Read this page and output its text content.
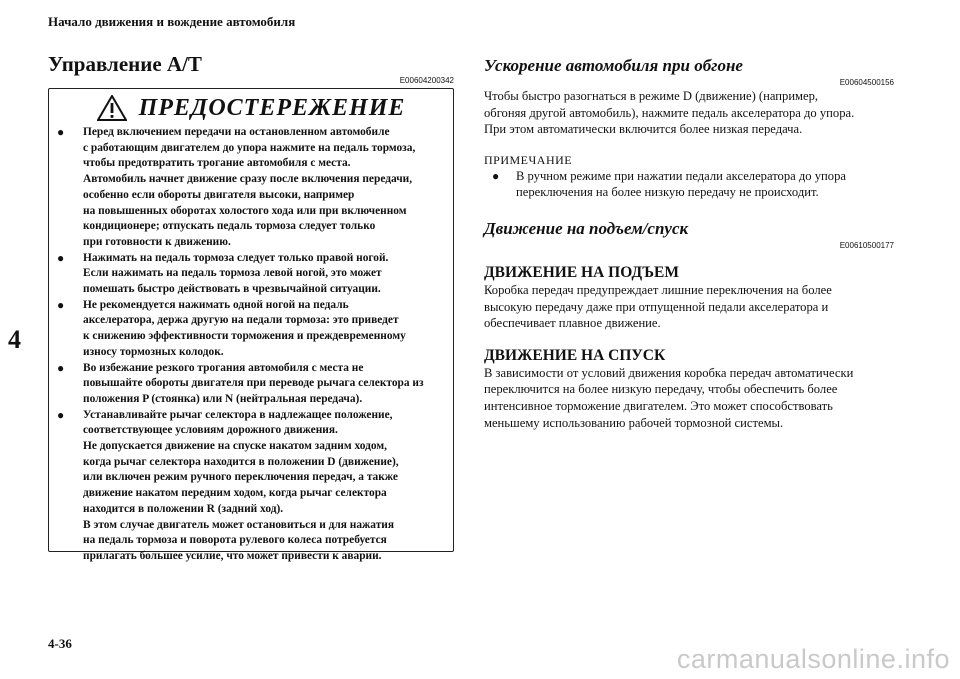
Начало движения и вождение автомобиля
4
Управление A/T
E00604200342
ПРЕДОСТЕРЕЖЕНИЕ
● Перед включением передачи на остановленном автомобиле
с работающим двигателем до упора нажмите на педаль тормоза,
чтобы предотвратить трогание автомобиля с места.
Автомобиль начнет движение сразу после включения передачи,
особенно если обороты двигателя высоки, например
на повышенных оборотах холостого хода или при включенном
кондиционере; отпускать педаль тормоза следует только
при готовности к движению.
● Нажимать на педаль тормоза следует только правой ногой.
Если нажимать на педаль тормоза левой ногой, это может
помешать быстро действовать в чрезвычайной ситуации.
● Не рекомендуется нажимать одной ногой на педаль
акселератора, держа другую на педали тормоза: это приведет
к снижению эффективности торможения и преждевременному
износу тормозных колодок.
● Во избежание резкого трогания автомобиля с места не
повышайте обороты двигателя при переводе рычага селектора из
положения P (стоянка) или N (нейтральная передача).
● Устанавливайте рычаг селектора в надлежащее положение,
соответствующее условиям дорожного движения.
Не допускается движение на спуске накатом задним ходом,
когда рычаг селектора находится в положении D (движение),
или включен режим ручного переключения передач, а также
движение накатом передним ходом, когда рычаг селектора
находится в положении R (задний ход).
В этом случае двигатель может остановиться и для нажатия
на педаль тормоза и поворота рулевого колеса потребуется
прилагать большее усилие, что может привести к аварии.
Ускорение автомобиля при обгоне
E00604500156

Чтобы быстро разогнаться в режиме D (движение) (например,
обгоняя другой автомобиль), нажмите педаль акселератора до упора.
При этом автоматически включится более низкая передача.

ПРИМЕЧАНИЕ
● В ручном режиме при нажатии педали акселератора до упора
переключения на более низкую передачу не происходит.
Движение на подъем/спуск
E00610500177
ДВИЖЕНИЕ НА ПОДЪЕМ

Коробка передач предупреждает лишние переключения на более
высокую передачу даже при отпущенной педали акселератора и
обеспечивает плавное движение.

ДВИЖЕНИЕ НА СПУСК

В зависимости от условий движения коробка передач автоматически
переключится на более низкую передачу, чтобы обеспечить более
интенсивное торможение двигателем. Это может способствовать
меньшему использованию рабочей тормозной системы.

4-36
carmanualsonline.info
